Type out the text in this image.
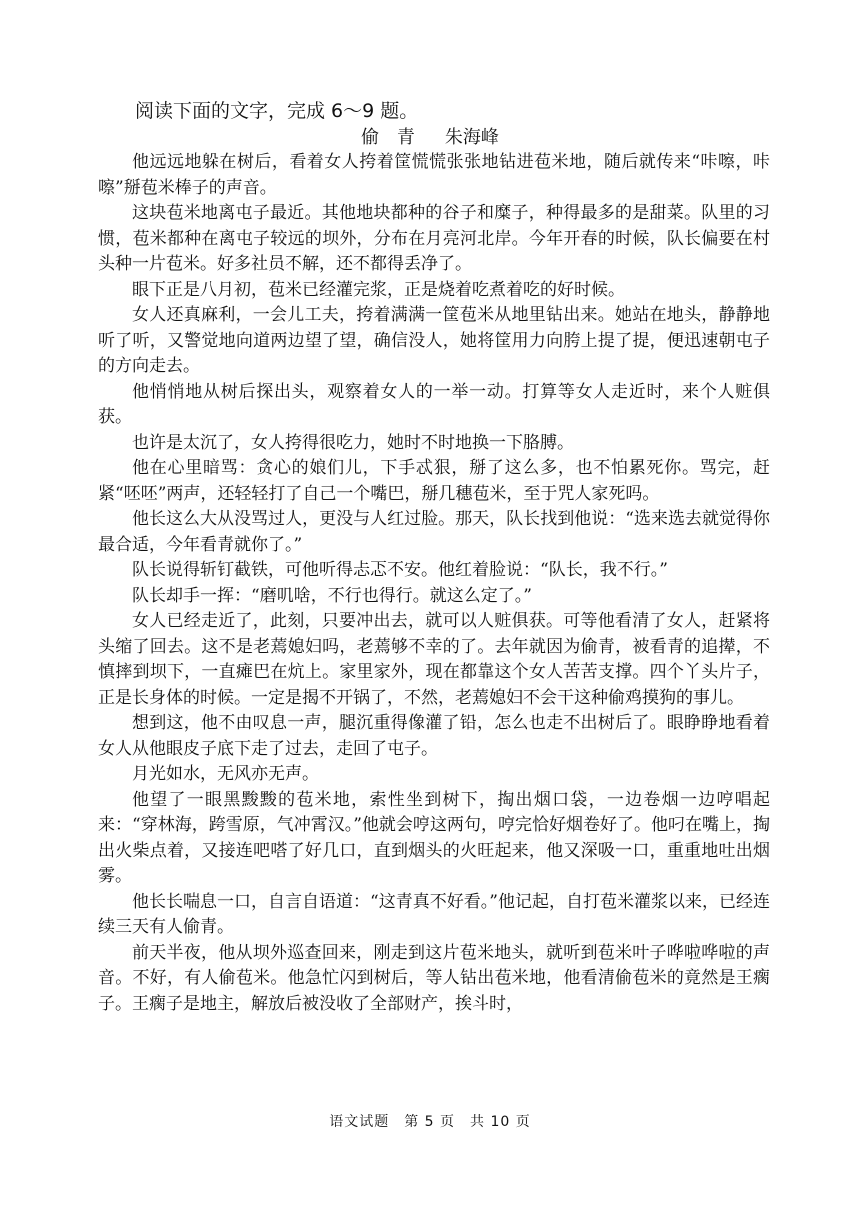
阅读下面的文字，完成 6～9 题。
偷 青 朱海峰

他远远地躲在树后，看着女人挎着筐慌慌张张地钻进苞米地，随后就传来“咔嚓，咔嚓”掰苞米棒子的声音。

这块苞米地离屯子最近。其他地块都种的谷子和糜子，种得最多的是甜菜。队里的习惯，苞米都种在离屯子较远的坝外，分布在月亮河北岸。今年开春的时候，队长偏要在村头种一片苞米。好多社员不解，还不都得丢净了。

眼下正是八月初，苞米已经灌完浆，正是烧着吃煮着吃的好时候。

女人还真麻利，一会儿工夫，挎着满满一筐苞米从地里钻出来。她站在地头，静静地听了听，又警觉地向道两边望了望，确信没人，她将筐用力向胯上提了提，便迅速朝屯子的方向走去。

他悄悄地从树后探出头，观察着女人的一举一动。打算等女人走近时，来个人赃俱获。

也许是太沉了，女人挎得很吃力，她时不时地换一下胳膊。

他在心里暗骂：贪心的娘们儿，下手忒狠，掰了这么多，也不怕累死你。骂完，赶紧“呸呸”两声，还轻轻打了自己一个嘴巴，掰几穗苞米，至于咒人家死吗。

他长这么大从没骂过人，更没与人红过脸。那天，队长找到他说：“选来选去就觉得你最合适，今年看青就你了。”

队长说得斩钉截铁，可他听得忐忑不安。他红着脸说：“队长，我不行。”

队长却手一挥：“磨叽啥，不行也得行。就这么定了。”

女人已经走近了，此刻，只要冲出去，就可以人赃俱获。可等他看清了女人，赶紧将头缩了回去。这不是老蔫媳妇吗，老蔫够不幸的了。去年就因为偷青，被看青的追撵，不慎摔到坝下，一直瘫巴在炕上。家里家外，现在都靠这个女人苦苦支撑。四个丫头片子，正是长身体的时候。一定是揭不开锅了，不然，老蔫媳妇不会干这种偷鸡摸狗的事儿。

想到这，他不由叹息一声，腿沉重得像灌了铅，怎么也走不出树后了。眼睁睁地看着女人从他眼皮子底下走了过去，走回了屯子。

月光如水，无风亦无声。

他望了一眼黑黢黢的苞米地，索性坐到树下，掏出烟口袋，一边卷烟一边哼唱起来：“穿林海，跨雪原，气冲霄汉。”他就会哼这两句，哼完恰好烟卷好了。他叼在嘴上，掏出火柴点着，又接连吧嗒了好几口，直到烟头的火旺起来，他又深吸一口，重重地吐出烟雾。

他长长喘息一口，自言自语道：“这青真不好看。”他记起，自打苞米灌浆以来，已经连续三天有人偷青。

前天半夜，他从坝外巡查回来，刚走到这片苞米地头，就听到苞米叶子哗啦哗啦的声音。不好，有人偷苞米。他急忙闪到树后，等人钻出苞米地，他看清偷苞米的竟然是王瘸子。王瘸子是地主，解放后被没收了全部财产，挨斗时，

语文试题　第 5 页　共 10 页
